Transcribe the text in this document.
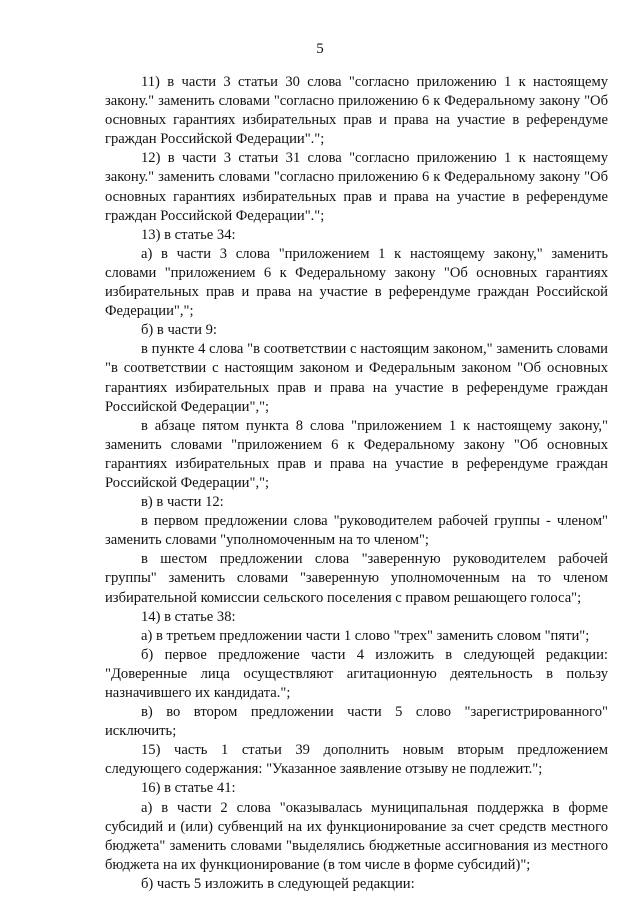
5

11) в части 3 статьи 30 слова "согласно приложению 1 к настоящему закону." заменить словами "согласно приложению 6 к Федеральному закону "Об основных гарантиях избирательных прав и права на участие в референдуме граждан Российской Федерации".";

12) в части 3 статьи 31 слова "согласно приложению 1 к настоящему закону." заменить словами "согласно приложению 6 к Федеральному закону "Об основных гарантиях избирательных прав и права на участие в референдуме граждан Российской Федерации".";

13) в статье 34:

а) в части 3 слова "приложением 1 к настоящему закону," заменить словами "приложением 6 к Федеральному закону "Об основных гарантиях избирательных прав и права на участие в референдуме граждан Российской Федерации",";

б) в части 9:

в пункте 4 слова "в соответствии с настоящим законом," заменить словами "в соответствии с настоящим законом и Федеральным законом "Об основных гарантиях избирательных прав и права на участие в референдуме граждан Российской Федерации",";

в абзаце пятом пункта 8 слова "приложением 1 к настоящему закону," заменить словами "приложением 6 к Федеральному закону "Об основных гарантиях избирательных прав и права на участие в референдуме граждан Российской Федерации",";

в) в части 12:

в первом предложении слова "руководителем рабочей группы - членом" заменить словами "уполномоченным на то членом";

в шестом предложении слова "заверенную руководителем рабочей группы" заменить словами "заверенную уполномоченным на то членом избирательной комиссии сельского поселения с правом решающего голоса";

14) в статье 38:

а) в третьем предложении части 1 слово "трех" заменить словом "пяти";

б) первое предложение части 4 изложить в следующей редакции: "Доверенные лица осуществляют агитационную деятельность в пользу назначившего их кандидата.";

в) во втором предложении части 5 слово "зарегистрированного" исключить;

15) часть 1 статьи 39 дополнить новым вторым предложением следующего содержания: "Указанное заявление отзыву не подлежит.";

16) в статье 41:

а) в части 2 слова "оказывалась муниципальная поддержка в форме субсидий и (или) субвенций на их функционирование за счет средств местного бюджета" заменить словами "выделялись бюджетные ассигнования из местного бюджета на их функционирование (в том числе в форме субсидий)";

б) часть 5 изложить в следующей редакции:
